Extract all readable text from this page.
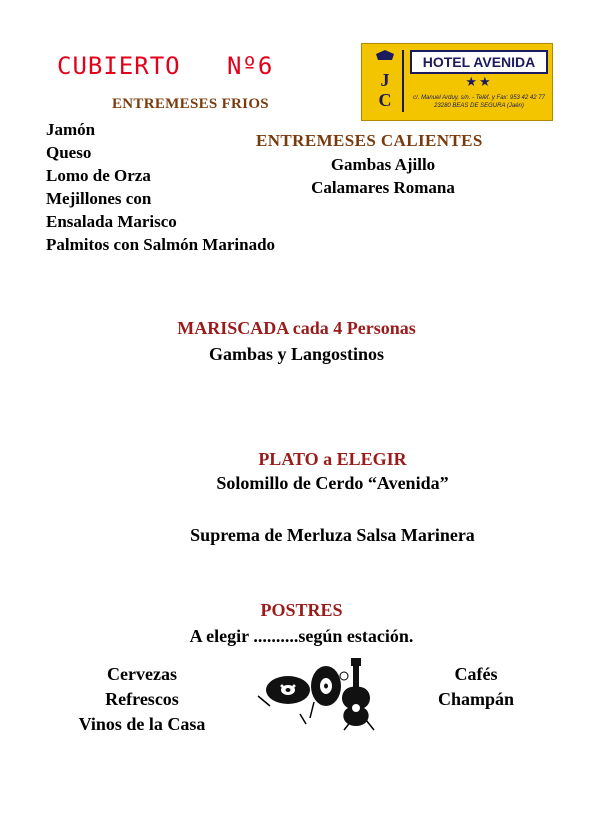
CUBIERTO   Nº6	J
C
HOTEL AVENIDA
★★
c/. Manuel Arduy, s/n. - Teléf. y Fax: 953 42 42 77
23280 BEAS DE SEGURA (Jaén)
ENTREMESES FRIOS
Jamón
Queso
Lomo de Orza
Mejillones con
Ensalada Marisco
Palmitos con Salmón Marinado
ENTREMESES CALIENTES
Gambas Ajillo
Calamares Romana
MARISCADA cada 4 Personas
Gambas y Langostinos
PLATO a ELEGIR
Solomillo de Cerdo “Avenida”
Suprema de Merluza Salsa Marinera
POSTRES
A elegir ..........según estación.
Cervezas
Refrescos
Vinos de la Casa
Cafés
Champán
